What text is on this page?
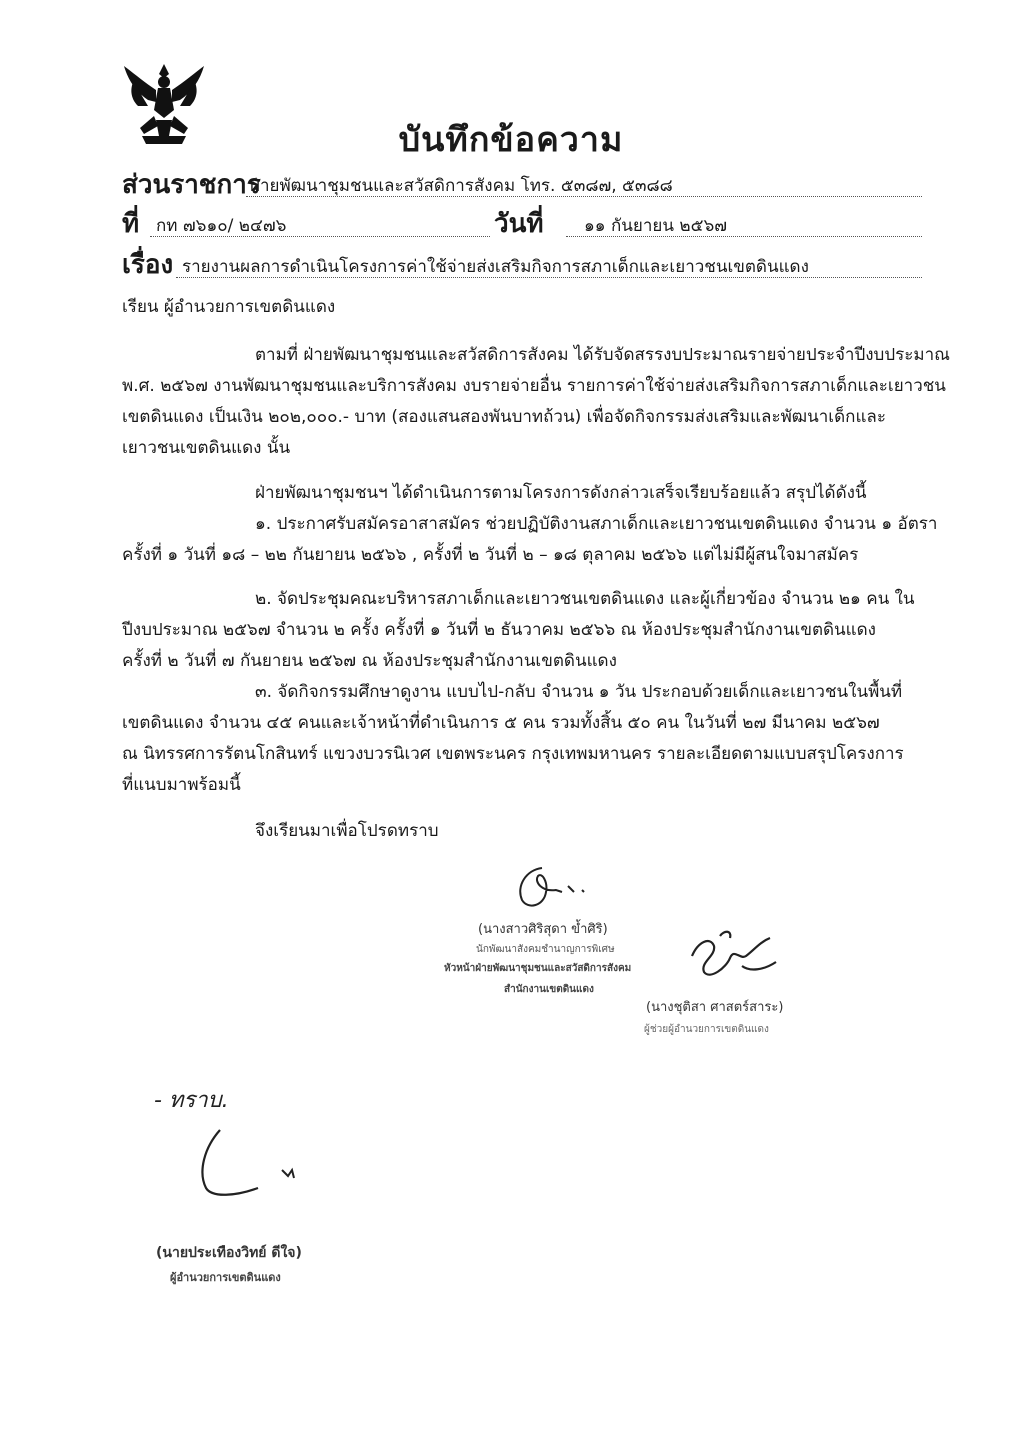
บันทึกข้อความ
ส่วนราชการ
ฝ่ายพัฒนาชุมชนและสวัสดิการสังคม โทร. ๕๓๘๗, ๕๓๘๘
ที่ กท ๗๖๑๐/ ๒๔๗๖	วันที่ ๑๑ กันยายน ๒๕๖๗
เรื่อง รายงานผลการดำเนินโครงการค่าใช้จ่ายส่งเสริมกิจการสภาเด็กและเยาวชนเขตดินแดง
เรียน ผู้อำนวยการเขตดินแดง
ตามที่ ฝ่ายพัฒนาชุมชนและสวัสดิการสังคม ได้รับจัดสรรงบประมาณรายจ่ายประจำปีงบประมาณ
พ.ศ. ๒๕๖๗ งานพัฒนาชุมชนและบริการสังคม งบรายจ่ายอื่น รายการค่าใช้จ่ายส่งเสริมกิจการสภาเด็กและเยาวชน
เขตดินแดง เป็นเงิน ๒๐๒,๐๐๐.- บาท (สองแสนสองพันบาทถ้วน) เพื่อจัดกิจกรรมส่งเสริมและพัฒนาเด็กและ
เยาวชนเขตดินแดง นั้น
ฝ่ายพัฒนาชุมชนฯ ได้ดำเนินการตามโครงการดังกล่าวเสร็จเรียบร้อยแล้ว สรุปได้ดังนี้
๑. ประกาศรับสมัครอาสาสมัคร ช่วยปฏิบัติงานสภาเด็กและเยาวชนเขตดินแดง จำนวน ๑ อัตรา
ครั้งที่ ๑ วันที่ ๑๘ – ๒๒ กันยายน ๒๕๖๖ , ครั้งที่ ๒ วันที่ ๒ – ๑๘ ตุลาคม ๒๕๖๖ แต่ไม่มีผู้สนใจมาสมัคร
๒. จัดประชุมคณะบริหารสภาเด็กและเยาวชนเขตดินแดง และผู้เกี่ยวข้อง จำนวน ๒๑ คน ใน
ปีงบประมาณ ๒๕๖๗ จำนวน ๒ ครั้ง ครั้งที่ ๑ วันที่ ๒ ธันวาคม ๒๕๖๖ ณ ห้องประชุมสำนักงานเขตดินแดง
ครั้งที่ ๒ วันที่ ๗ กันยายน ๒๕๖๗ ณ ห้องประชุมสำนักงานเขตดินแดง
๓. จัดกิจกรรมศึกษาดูงาน แบบไป-กลับ จำนวน ๑ วัน ประกอบด้วยเด็กและเยาวชนในพื้นที่
เขตดินแดง จำนวน ๔๕ คนและเจ้าหน้าที่ดำเนินการ ๕ คน รวมทั้งสิ้น ๕๐ คน ในวันที่ ๒๗ มีนาคม ๒๕๖๗
ณ นิทรรศการรัตนโกสินทร์ แขวงบวรนิเวศ เขตพระนคร กรุงเทพมหานคร รายละเอียดตามแบบสรุปโครงการ
ที่แนบมาพร้อมนี้
จึงเรียนมาเพื่อโปรดทราบ
(นางสาวศิริสุดา ข้ำศิริ)
นักพัฒนาสังคมชำนาญการพิเศษ
หัวหน้าฝ่ายพัฒนาชุมชนและสวัสดิการสังคม
สำนักงานเขตดินแดง
(นางชุติสา ศาสตร์สาระ)
ผู้ช่วยผู้อำนวยการเขตดินแดง
- ทราบ.
(นายประเทืองวิทย์ ดีใจ)
ผู้อำนวยการเขตดินแดง
